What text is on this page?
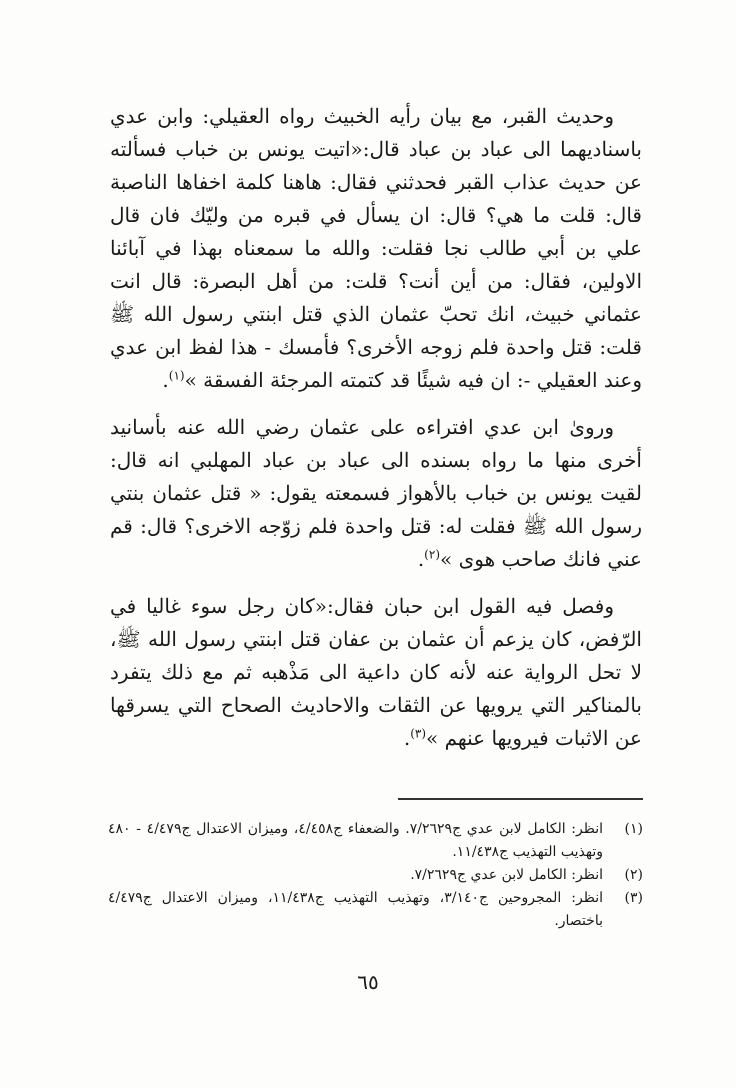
وحديث القبر، مع بيان رأيه الخبيث رواه العقيلي: وابن عدي باسناديهما الى عباد بن عباد قال:«اتيت يونس بن خباب فسألته عن حديث عذاب القبر فحدثني فقال: هاهنا كلمة اخفاها الناصبة قال: قلت ما هي؟ قال: ان يسأل في قبره من وليّك فان قال علي بن أبي طالب نجا فقلت: والله ما سمعناه بهذا في آبائنا الاولين، فقال: من أين أنت؟ قلت: من أهل البصرة: قال انت عثماني خبيث، انك تحبّ عثمان الذي قتل ابنتي رسول الله ﷺ قلت: قتل واحدة فلم زوجه الأخرى؟ فأمسك - هذا لفظ ابن عدي وعند العقيلي -: ان فيه شيئًا قد كتمته المرجئة الفسقة »$^{(١)}$.

وروىٰ ابن عدي افتراءه على عثمان رضي الله عنه بأسانيد أخرى منها ما رواه بسنده الى عباد بن عباد المهلبي انه قال: لقيت يونس بن خباب بالأهواز فسمعته يقول: « قتل عثمان بنتي رسول الله ﷺ فقلت له: قتل واحدة فلم زوّجه الاخرى؟ قال: قم عني فانك صاحب هوى »$^{(٢)}$.

وفصل فيه القول ابن حبان فقال:«كان رجل سوء غاليا في الرّفض، كان يزعم أن عثمان بن عفان قتل ابنتي رسول الله ﷺ، لا تحل الرواية عنه لأنه كان داعية الى مَذْهبه ثم مع ذلك يتفرد بالمناكير التي يرويها عن الثقات والاحاديث الصحاح التي يسرقها عن الاثبات فيرويها عنهم »$^{(٣)}$.

(١)
انظر: الكامل لابن عدي ج٧/٢٦٢٩. والضعفاء ج٤/٤٥٨، وميزان الاعتدال ج٤/٤٧٩ - ٤٨٠ وتهذيب التهذيب ج١١/٤٣٨.
(٢)
انظر: الكامل لابن عدي ج٧/٢٦٢٩.
(٣)
انظر: المجروحين ج٣/١٤٠، وتهذيب التهذيب ج١١/٤٣٨، وميزان الاعتدال ج٤/٤٧٩ باختصار.
٦٥
